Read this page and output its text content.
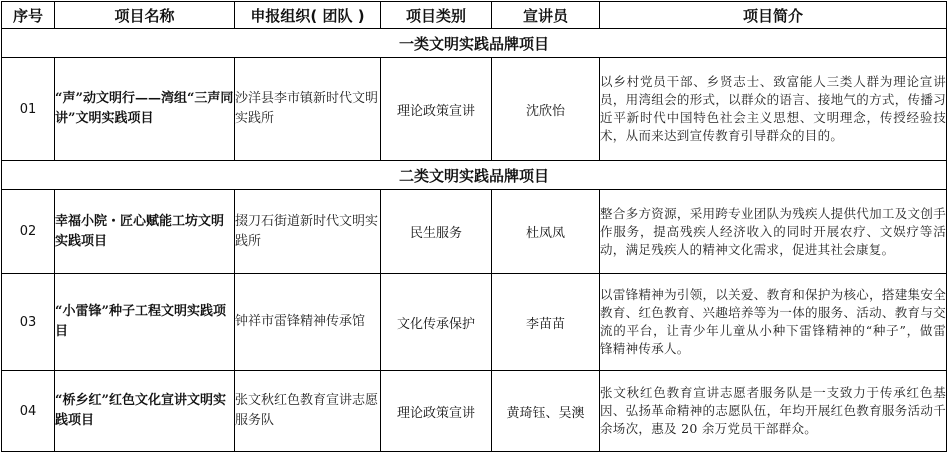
序号	项目名称	申报组织( 团队 )	项目类别	宣讲员	项目简介
一类文明实践品牌项目					
01	“声”动文明行——湾组“三声同讲”文明实践项目	沙洋县李市镇新时代文明实践所	理论政策宣讲	沈欣怡	以乡村党员干部、乡贤志士、致富能人三类人群为理论宣讲员，用湾组会的形式，以群众的语言、接地气的方式，传播习近平新时代中国特色社会主义思想、文明理念，传授经验技术，从而来达到宣传教育引导群众的目的。
二类文明实践品牌项目					
02	幸福小院・匠心赋能工坊文明实践项目	掇刀石街道新时代文明实践所	民生服务	杜凤凤	整合多方资源，采用跨专业团队为残疾人提供代加工及文创手作服务，提高残疾人经济收入的同时开展农疗、文娱疗等活动，满足残疾人的精神文化需求，促进其社会康复。
03	“小雷锋”种子工程文明实践项目	钟祥市雷锋精神传承馆	文化传承保护	李苗苗	以雷锋精神为引领，以关爱、教育和保护为核心，搭建集安全教育、红色教育、兴趣培养等为一体的服务、活动、教育与交流的平台，让青少年儿童从小种下雷锋精神的“种子”，做雷锋精神传承人。
04	“桥乡红”红色文化宣讲文明实践项目	张文秋红色教育宣讲志愿服务队	理论政策宣讲	黄琦钰、吴澳	张文秋红色教育宣讲志愿者服务队是一支致力于传承红色基因、弘扬革命精神的志愿队伍，年均开展红色教育服务活动千余场次，惠及 20 余万党员干部群众。
